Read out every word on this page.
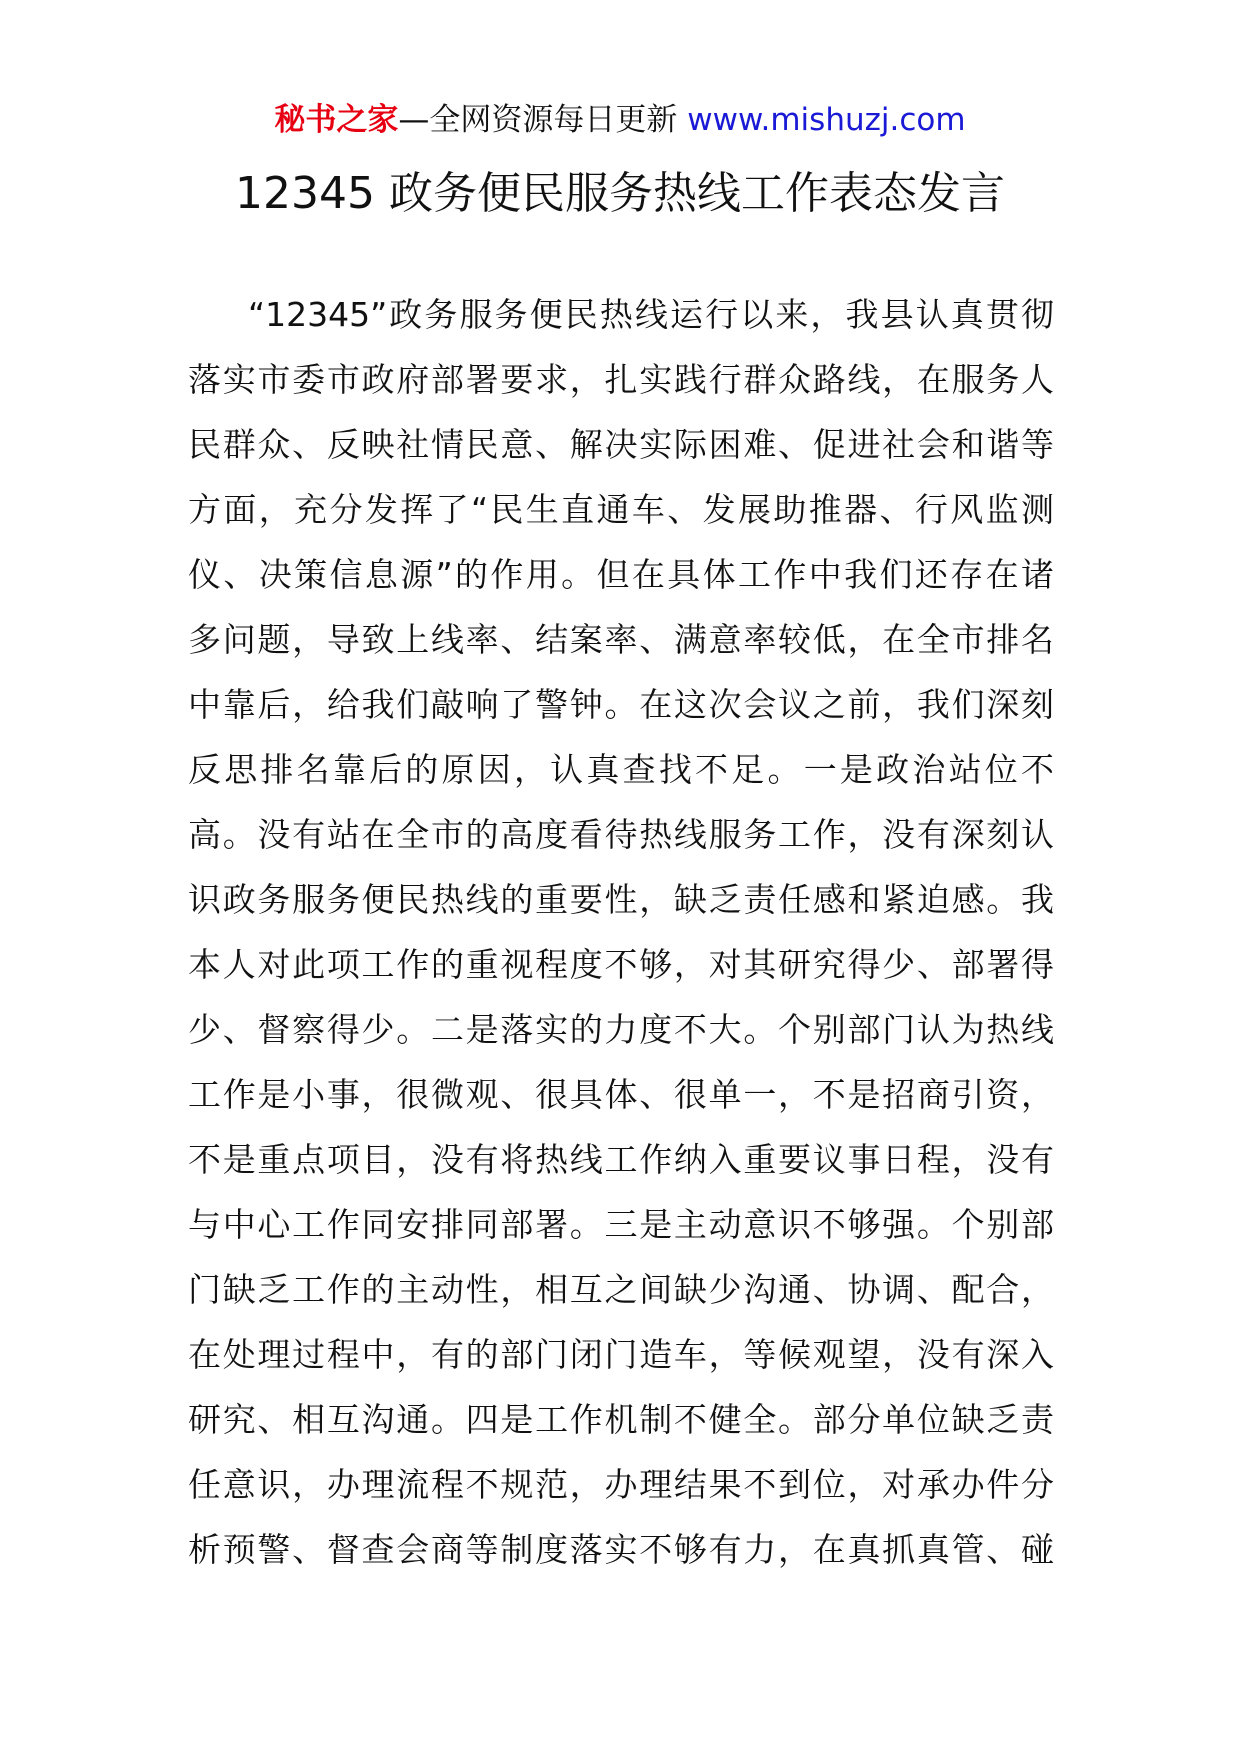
秘书之家—全网资源每日更新 www.mishuzj.com
12345 政务便民服务热线工作表态发言
“12345”政务服务便民热线运行以来，我县认真贯彻
落实市委市政府部署要求，扎实践行群众路线，在服务人
民群众、反映社情民意、解决实际困难、促进社会和谐等
方面，充分发挥了“民生直通车、发展助推器、行风监测
仪、决策信息源”的作用。但在具体工作中我们还存在诸
多问题，导致上线率、结案率、满意率较低，在全市排名
中靠后，给我们敲响了警钟。在这次会议之前，我们深刻
反思排名靠后的原因，认真查找不足。一是政治站位不
高。没有站在全市的高度看待热线服务工作，没有深刻认
识政务服务便民热线的重要性，缺乏责任感和紧迫感。我
本人对此项工作的重视程度不够，对其研究得少、部署得
少、督察得少。二是落实的力度不大。个别部门认为热线
工作是小事，很微观、很具体、很单一，不是招商引资，
不是重点项目，没有将热线工作纳入重要议事日程，没有
与中心工作同安排同部署。三是主动意识不够强。个别部
门缺乏工作的主动性，相互之间缺少沟通、协调、配合，
在处理过程中，有的部门闭门造车，等候观望，没有深入
研究、相互沟通。四是工作机制不健全。部分单位缺乏责
任意识，办理流程不规范，办理结果不到位，对承办件分
析预警、督查会商等制度落实不够有力，在真抓真管、碰
